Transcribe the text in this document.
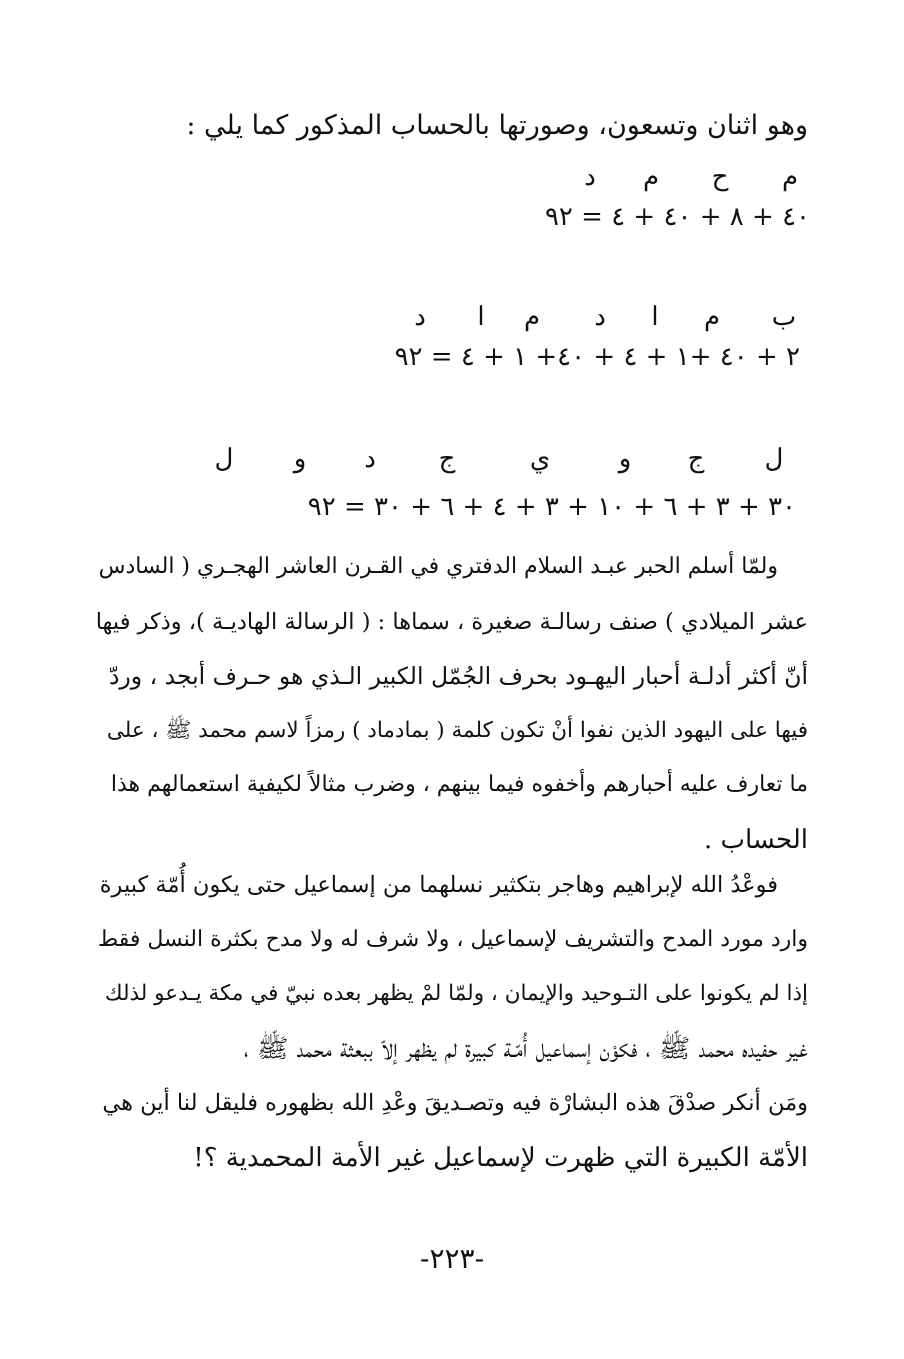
وهو اثنان وتسعون، وصورتها بالحساب المذكور كما يلي :
م
ح
م
د
٤٠ + ٨ + ٤٠ + ٤ = ٩٢
ب
م
ا
د
م
ا
د
٢ + ٤٠ +١ + ٤ + ٤٠+ ١ + ٤ = ٩٢
ل
ج
و
ي
ج
د
و
ل
٣٠ + ٣ + ٦ + ١٠ + ٣ + ٤ + ٦ + ٣٠ = ٩٢
ولمّا أسلم الحبر عبـد السلام الدفتري في القـرن العاشر الهجـري ( السادس
عشر الميلادي ) صنف رسالـة صغيرة ، سماها : ( الرسالة الهاديـة )، وذكر فيها
أنّ أكثر أدلـة أحبار اليهـود بحرف الجُمّل الكبير الـذي هو حـرف أبجد ، وردّ
فيها على اليهود الذين نفوا أنْ تكون كلمة ( بمادماد ) رمزاً لاسم محمد ﷺ ، على
ما تعارف عليه أحبارهم وأخفوه فيما بينهم ، وضرب مثالاً لكيفية استعمالهم هذا
الحساب .
فوعْدُ الله لإبراهيم وهاجر بتكثير نسلهما من إسماعيل حتى يكون أُمّة كبيرة
وارد مورد المدح والتشريف لإسماعيل ، ولا شرف له ولا مدح بكثرة النسل فقط
إذا لم يكونوا على التـوحيد والإيمان ، ولمّا لمْ يظهر بعده نبيّ في مكة يـدعو لذلك
غير حفيده محمد ﷺ ، فكوْن إسماعيل أُمّـة كبيرة لم يظهر إلاّ ببعثة محمد ﷺ ،
ومَن أنكر صدْقَ هذه البشارْة فيه وتصـديقَ وعْدِ الله بظهوره فليقل لنا أين هي
الأمّة الكبيرة التي ظهرت لإسماعيل غير الأمة المحمدية ؟!
-٢٢٣-
